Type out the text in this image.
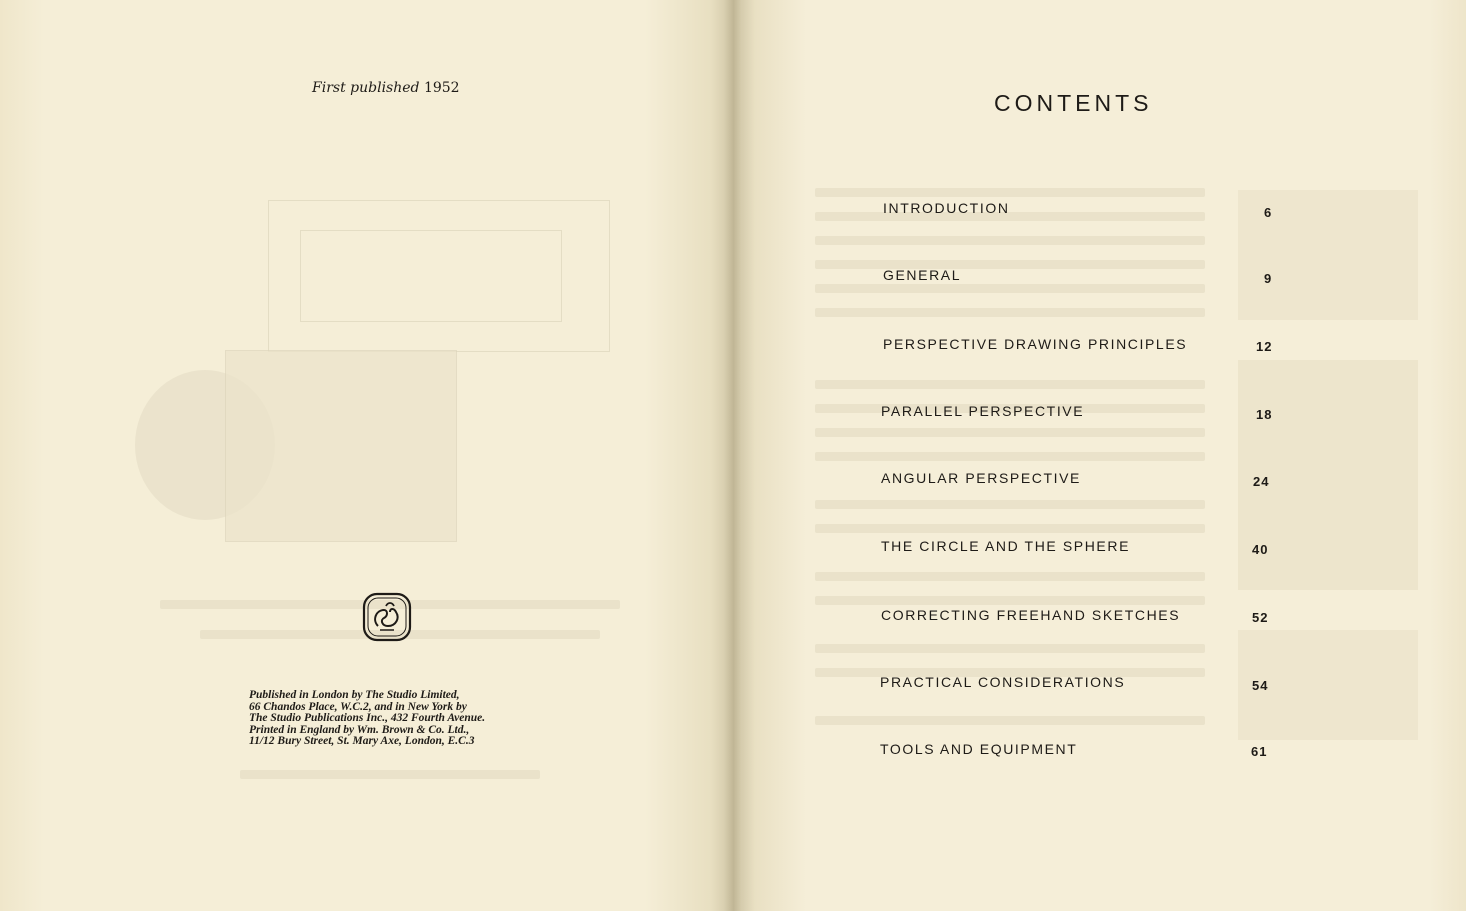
First published 1952
Published in London by The Studio Limited,
66 Chandos Place, W.C.2, and in New York by
The Studio Publications Inc., 432 Fourth Avenue.
Printed in England by Wm. Brown & Co. Ltd.,
11/12 Bury Street, St. Mary Axe, London, E.C.3
CONTENTS
INTRODUCTION	6
GENERAL	9
PERSPECTIVE DRAWING PRINCIPLES	12
PARALLEL PERSPECTIVE	18
ANGULAR PERSPECTIVE	24
THE CIRCLE AND THE SPHERE	40
CORRECTING FREEHAND SKETCHES	52
PRACTICAL CONSIDERATIONS	54
TOOLS AND EQUIPMENT	61
